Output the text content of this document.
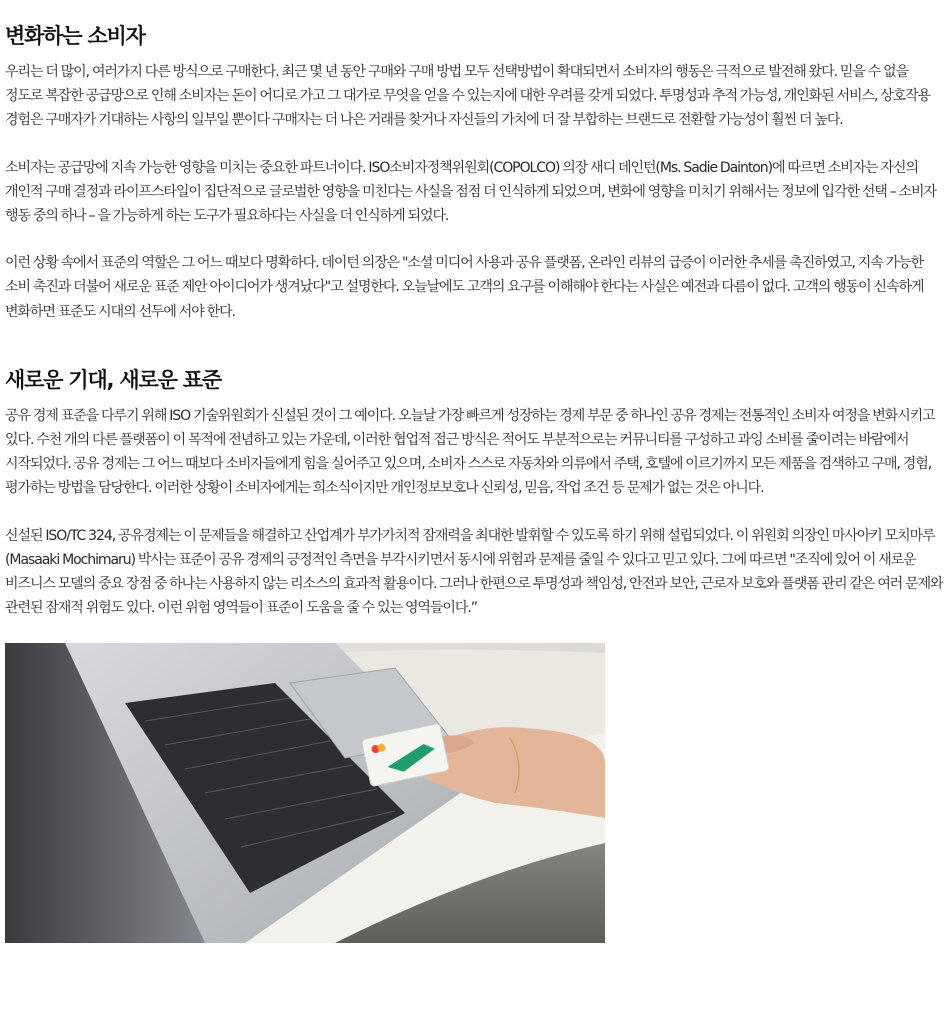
변화하는 소비자

우리는 더 많이, 여러가지 다른 방식으로 구매한다. 최근 몇 년 동안 구매와 구매 방법 모두 선택방법이 확대되면서 소비자의 행동은 극적으로 발전해 왔다. 믿을 수 없을 정도로 복잡한 공급망으로 인해 소비자는 돈이 어디로 가고 그 대가로 무엇을 얻을 수 있는지에 대한 우려를 갖게 되었다. 투명성과 추적 가능성, 개인화된 서비스, 상호작용 경험은 구매자가 기대하는 사항의 일부일 뿐이다 구매자는 더 나은 거래를 찾거나 자신들의 가치에 더 잘 부합하는 브랜드로 전환할 가능성이 훨씬 더 높다.

소비자는 공급망에 지속 가능한 영향을 미치는 중요한 파트너이다. ISO소비자정책위원회(COPOLCO) 의장 새디 데인턴(Ms. Sadie Dainton)에 따르면 소비자는 자신의 개인적 구매 결정과 라이프스타일이 집단적으로 글로벌한 영향을 미친다는 사실을 점점 더 인식하게 되었으며, 변화에 영향을 미치기 위해서는 정보에 입각한 선택 – 소비자 행동 중의 하나 – 을 가능하게 하는 도구가 필요하다는 사실을 더 인식하게 되었다.

이런 상황 속에서 표준의 역할은 그 어느 때보다 명확하다. 데이턴 의장은 "소셜 미디어 사용과 공유 플랫폼, 온라인 리뷰의 급증이 이러한 추세를 촉진하였고, 지속 가능한 소비 촉진과 더불어 새로운 표준 제안 아이디어가 생겨났다"고 설명한다. 오늘날에도 고객의 요구를 이해해야 한다는 사실은 예전과 다름이 없다. 고객의 행동이 신속하게 변화하면 표준도 시대의 선두에 서야 한다.

새로운 기대, 새로운 표준

공유 경제 표준을 다루기 위해 ISO 기술위원회가 신설된 것이 그 예이다. 오늘날 가장 빠르게 성장하는 경제 부문 중 하나인 공유 경제는 전통적인 소비자 여정을 변화시키고 있다. 수천 개의 다른 플랫폼이 이 목적에 전념하고 있는 가운데, 이러한 협업적 접근 방식은 적어도 부분적으로는 커뮤니티를 구성하고 과잉 소비를 줄이려는 바람에서 시작되었다. 공유 경제는 그 어느 때보다 소비자들에게 힘을 실어주고 있으며, 소비자 스스로 자동차와 의류에서 주택, 호텔에 이르기까지 모든 제품을 검색하고 구매, 경험, 평가하는 방법을 담당한다. 이러한 상황이 소비자에게는 희소식이지만 개인정보보호나 신뢰성, 믿음, 작업 조건 등 문제가 없는 것은 아니다.

신설된 ISO/TC 324, 공유경제는 이 문제들을 해결하고 산업계가 부가가치적 잠재력을 최대한 발휘할 수 있도록 하기 위해 설립되었다. 이 위원회 의장인 마사아키 모치마루(Masaaki Mochimaru) 박사는 표준이 공유 경제의 긍정적인 측면을 부각시키면서 동시에 위험과 문제를 줄일 수 있다고 믿고 있다. 그에 따르면 "조직에 있어 이 새로운 비즈니스 모델의 중요 장점 중 하나는 사용하지 않는 리소스의 효과적 활용이다. 그러나 한편으로 투명성과 책임성, 안전과 보안, 근로자 보호와 플랫폼 관리 같은 여러 문제와 관련된 잠재적 위험도 있다. 이런 위험 영역들이 표준이 도움을 줄 수 있는 영역들이다.”
